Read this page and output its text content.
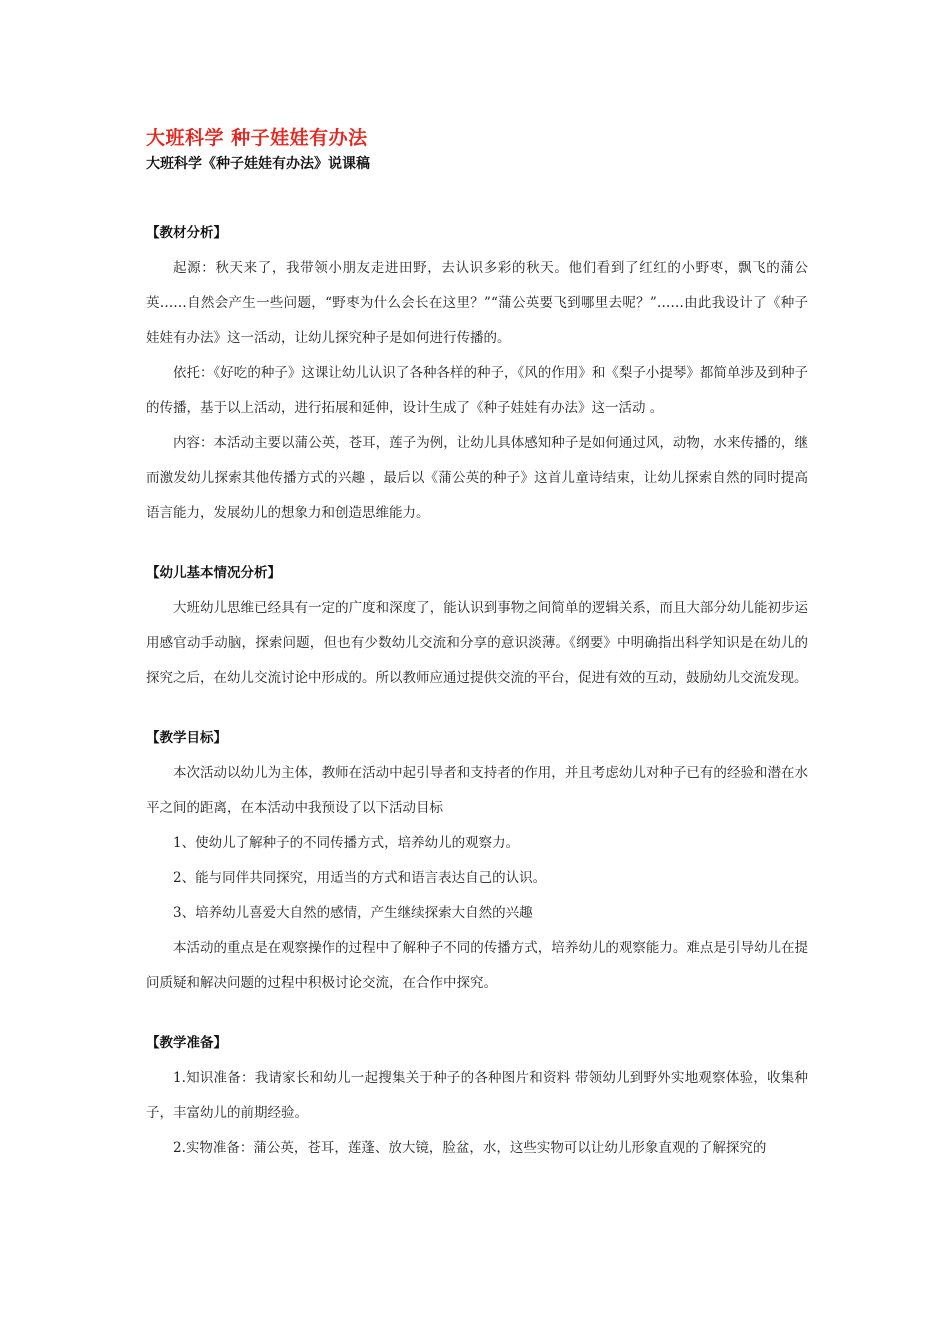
大班科学 种子娃娃有办法
大班科学《种子娃娃有办法》说课稿
【教材分析】

起源：秋天来了，我带领小朋友走进田野，去认识多彩的秋天。他们看到了红红的小野枣，飘飞的蒲公英……自然会产生一些问题，“野枣为什么会长在这里？”“蒲公英要飞到哪里去呢？”……由此我设计了《种子娃娃有办法》这一活动，让幼儿探究种子是如何进行传播的。

依托：《好吃的种子》这课让幼儿认识了各种各样的种子，《风的作用》和《梨子小提琴》都简单涉及到种子的传播，基于以上活动，进行拓展和延伸，设计生成了《种子娃娃有办法》这一活动 。

内容：本活动主要以蒲公英，苍耳，莲子为例，让幼儿具体感知种子是如何通过风，动物，水来传播的，继而激发幼儿探索其他传播方式的兴趣 ，最后以《蒲公英的种子》这首儿童诗结束，让幼儿探索自然的同时提高语言能力，发展幼儿的想象力和创造思维能力。

【幼儿基本情况分析】

大班幼儿思维已经具有一定的广度和深度了，能认识到事物之间简单的逻辑关系，而且大部分幼儿能初步运用感官动手动脑，探索问题，但也有少数幼儿交流和分享的意识淡薄。《纲要》中明确指出科学知识是在幼儿的探究之后，在幼儿交流讨论中形成的。所以教师应通过提供交流的平台，促进有效的互动，鼓励幼儿交流发现。

【教学目标】

本次活动以幼儿为主体，教师在活动中起引导者和支持者的作用，并且考虑幼儿对种子已有的经验和潜在水平之间的距离，在本活动中我预设了以下活动目标

1、使幼儿了解种子的不同传播方式，培养幼儿的观察力。

2、能与同伴共同探究，用适当的方式和语言表达自己的认识。

3、培养幼儿喜爱大自然的感情，产生继续探索大自然的兴趣

本活动的重点是在观察操作的过程中了解种子不同的传播方式，培养幼儿的观察能力。难点是引导幼儿在提问质疑和解决问题的过程中积极讨论交流，在合作中探究。

【教学准备】

1.知识准备：我请家长和幼儿一起搜集关于种子的各种图片和资料 带领幼儿到野外实地观察体验，收集种子，丰富幼儿的前期经验。

2.实物准备：蒲公英，苍耳，莲蓬、放大镜，脸盆，水，这些实物可以让幼儿形象直观的了解探究的
